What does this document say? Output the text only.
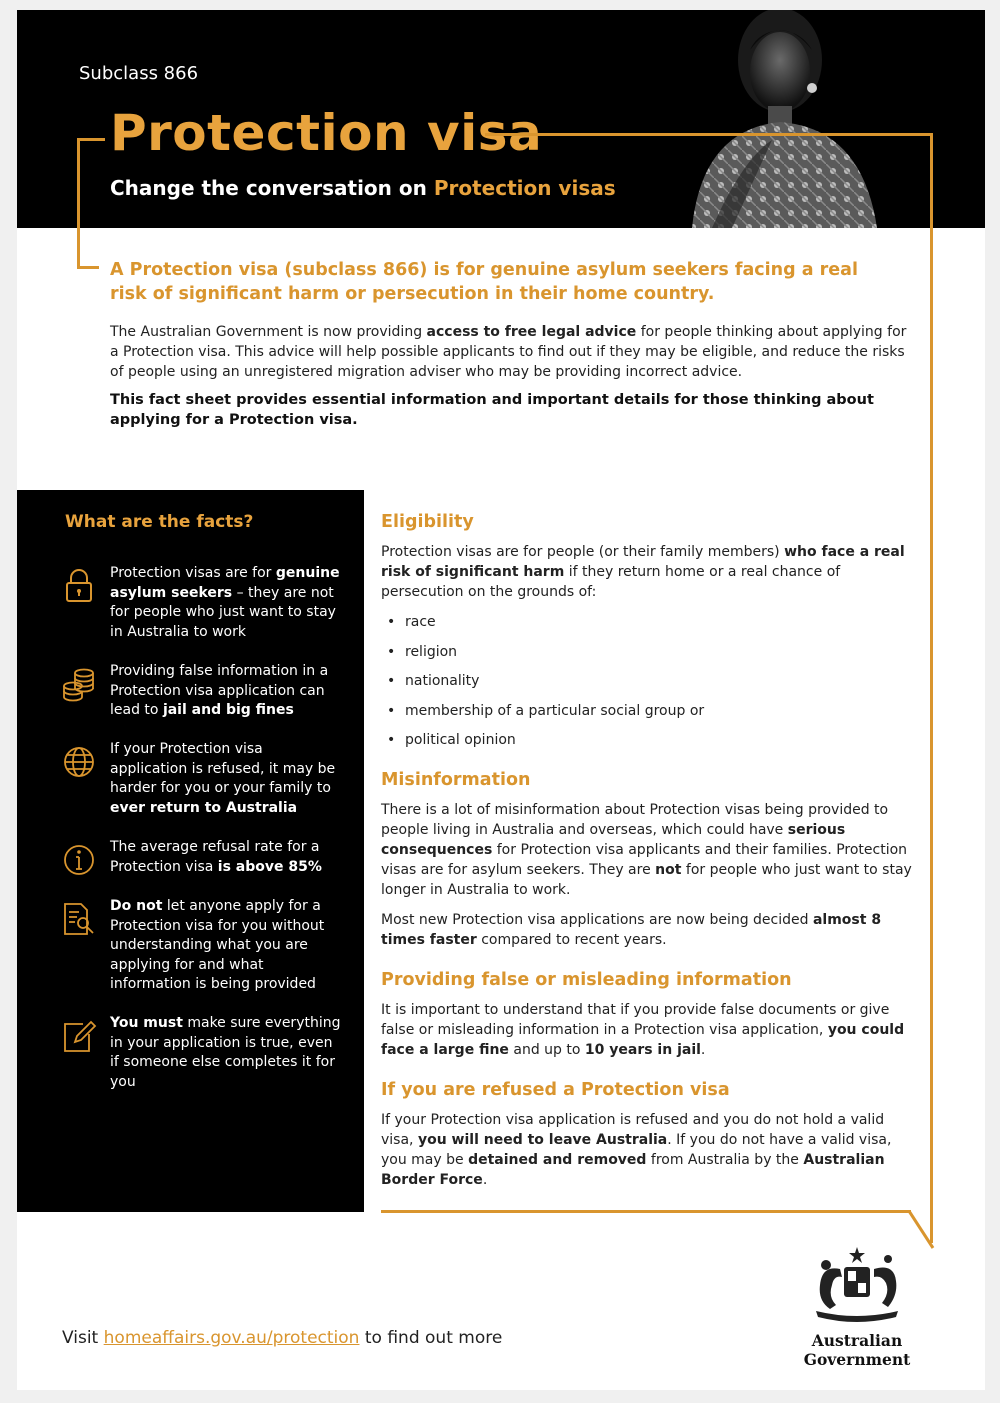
Subclass 866
Protection visa
Change the conversation on Protection visas
A Protection visa (subclass 866) is for genuine asylum seekers facing a real risk of significant harm or persecution in their home country.
The Australian Government is now providing access to free legal advice for people thinking about applying for a Protection visa. This advice will help possible applicants to find out if they may be eligible, and reduce the risks of people using an unregistered migration adviser who may be providing incorrect advice.
This fact sheet provides essential information and important details for those thinking about applying for a Protection visa.
What are the facts?
Protection visas are for genuine asylum seekers – they are not for people who just want to stay in Australia to work
Providing false information in a Protection visa application can lead to jail and big fines
If your Protection visa application is refused, it may be harder for you or your family to ever return to Australia
The average refusal rate for a Protection visa is above 85%
Do not let anyone apply for a Protection visa for you without understanding what you are applying for and what information is being provided
You must make sure everything in your application is true, even if someone else completes it for you
Eligibility

Protection visas are for people (or their family members) who face a real risk of significant harm if they return home or a real chance of persecution on the grounds of:

• race
• religion
• nationality
• membership of a particular social group or
• political opinion
Misinformation

There is a lot of misinformation about Protection visas being provided to people living in Australia and overseas, which could have serious consequences for Protection visa applicants and their families. Protection visas are for asylum seekers. They are not for people who just want to stay longer in Australia to work.

Most new Protection visa applications are now being decided almost 8 times faster compared to recent years.

Providing false or misleading information

It is important to understand that if you provide false documents or give false or misleading information in a Protection visa application, you could face a large fine and up to 10 years in jail.

If you are refused a Protection visa

If your Protection visa application is refused and you do not hold a valid visa, you will need to leave Australia. If you do not have a valid visa, you may be detained and removed from Australia by the Australian Border Force.

Visit homeaffairs.gov.au/protection to find out more	Australian Government
